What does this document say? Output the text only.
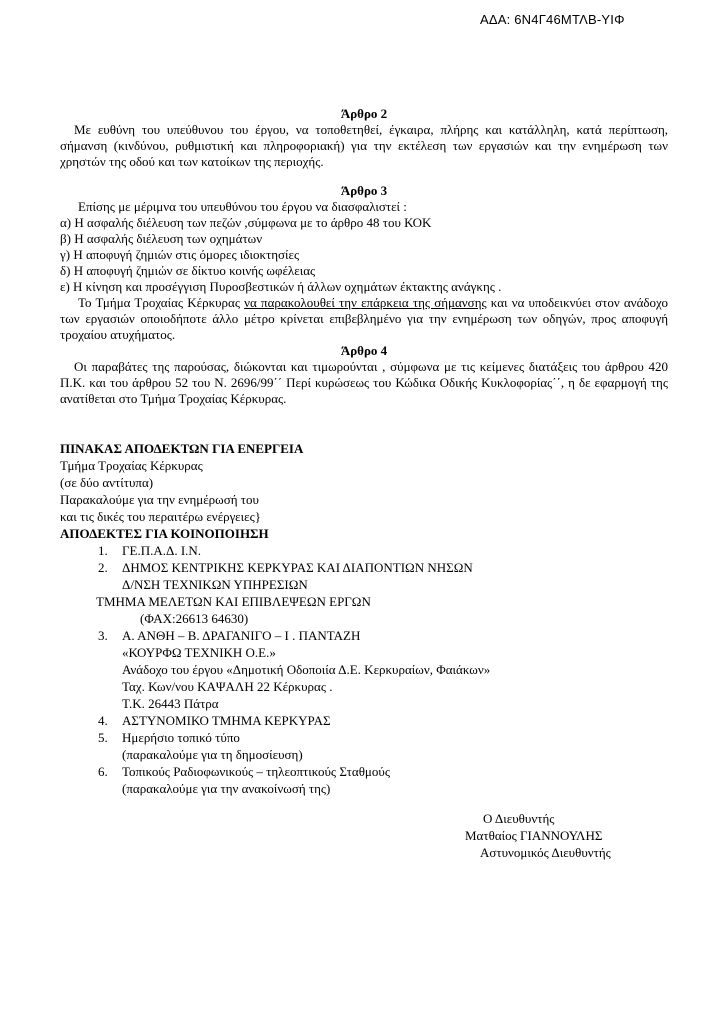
ΑΔΑ: 6Ν4Γ46ΜΤΛΒ-ΥΙΦ
Άρθρο 2
Με ευθύνη του υπεύθυνου του έργου, να τοποθετηθεί, έγκαιρα, πλήρης και κατάλληλη, κατά περίπτωση, σήμανση (κινδύνου, ρυθμιστική και πληροφοριακή) για την εκτέλεση των εργασιών και την ενημέρωση των χρηστών της οδού και των κατοίκων της περιοχής.
Άρθρο 3
Επίσης με μέριμνα του υπευθύνου του έργου να διασφαλιστεί :
α) Η ασφαλής διέλευση των πεζών ,σύμφωνα με το άρθρο 48 του ΚΟΚ
β) Η ασφαλής διέλευση των οχημάτων
γ) Η αποφυγή ζημιών στις όμορες ιδιοκτησίες
δ) Η αποφυγή ζημιών σε δίκτυο κοινής ωφέλειας
ε) Η κίνηση και προσέγγιση Πυροσβεστικών ή άλλων οχημάτων έκτακτης ανάγκης .
Το Τμήμα Τροχαίας Κέρκυρας να παρακολουθεί την επάρκεια της σήμανσης και να υποδεικνύει στον ανάδοχο των εργασιών οποιοδήποτε άλλο μέτρο κρίνεται επιβεβλημένο για την ενημέρωση των οδηγών, προς αποφυγή τροχαίου ατυχήματος.
Άρθρο 4
Οι παραβάτες της παρούσας, διώκονται και τιμωρούνται , σύμφωνα με τις κείμενες διατάξεις του άρθρου 420 Π.Κ. και του άρθρου 52 του Ν. 2696/99΄΄ Περί κυρώσεως του Κώδικα Οδικής Κυκλοφορίας΄΄, η δε εφαρμογή της ανατίθεται στο Τμήμα Τροχαίας Κέρκυρας.
ΠΙΝΑΚΑΣ ΑΠΟΔΕΚΤΩΝ ΓΙΑ ΕΝΕΡΓΕΙΑ
Τμήμα Τροχαίας Κέρκυρας
(σε δύο αντίτυπα)
Παρακαλούμε για την ενημέρωσή του
και τις δικές του περαιτέρω ενέργειες}
ΑΠΟΔΕΚΤΕΣ ΓΙΑ ΚΟΙΝΟΠΟΙΗΣΗ
1. ΓΕ.Π.Α.Δ. Ι.Ν.
2. ΔΗΜΟΣ ΚΕΝΤΡΙΚΗΣ ΚΕΡΚΥΡΑΣ ΚΑΙ ΔΙΑΠΟΝΤΙΩΝ ΝΗΣΩΝ
Δ/ΝΣΗ ΤΕΧΝΙΚΩΝ ΥΠΗΡΕΣΙΩΝ
ΤΜΗΜΑ ΜΕΛΕΤΩΝ ΚΑΙ ΕΠΙΒΛΕΨΕΩΝ ΕΡΓΩΝ
(ΦΑΧ:26613 64630)
3. Α. ΑΝΘΗ – Β. ΔΡΑΓΑΝΙΓΟ – Ι . ΠΑΝΤΑΖΗ
«ΚΟΥΡΦΩ ΤΕΧΝΙΚΗ Ο.Ε.»
Ανάδοχο του έργου «Δημοτική Οδοποιία Δ.Ε. Κερκυραίων, Φαιάκων»
Ταχ. Κων/νου ΚΑΨΑΛΗ 22 Κέρκυρας .
Τ.Κ. 26443 Πάτρα
4. ΑΣΤΥΝΟΜΙΚΟ ΤΜΗΜΑ ΚΕΡΚΥΡΑΣ
5. Ημερήσιο τοπικό τύπο
(παρακαλούμε για τη δημοσίευση)
6. Τοπικούς Ραδιοφωνικούς – τηλεοπτικούς Σταθμούς
(παρακαλούμε για την ανακοίνωσή της)
Ο Διευθυντής
Ματθαίος ΓΙΑΝΝΟΥΛΗΣ
Αστυνομικός Διευθυντής
